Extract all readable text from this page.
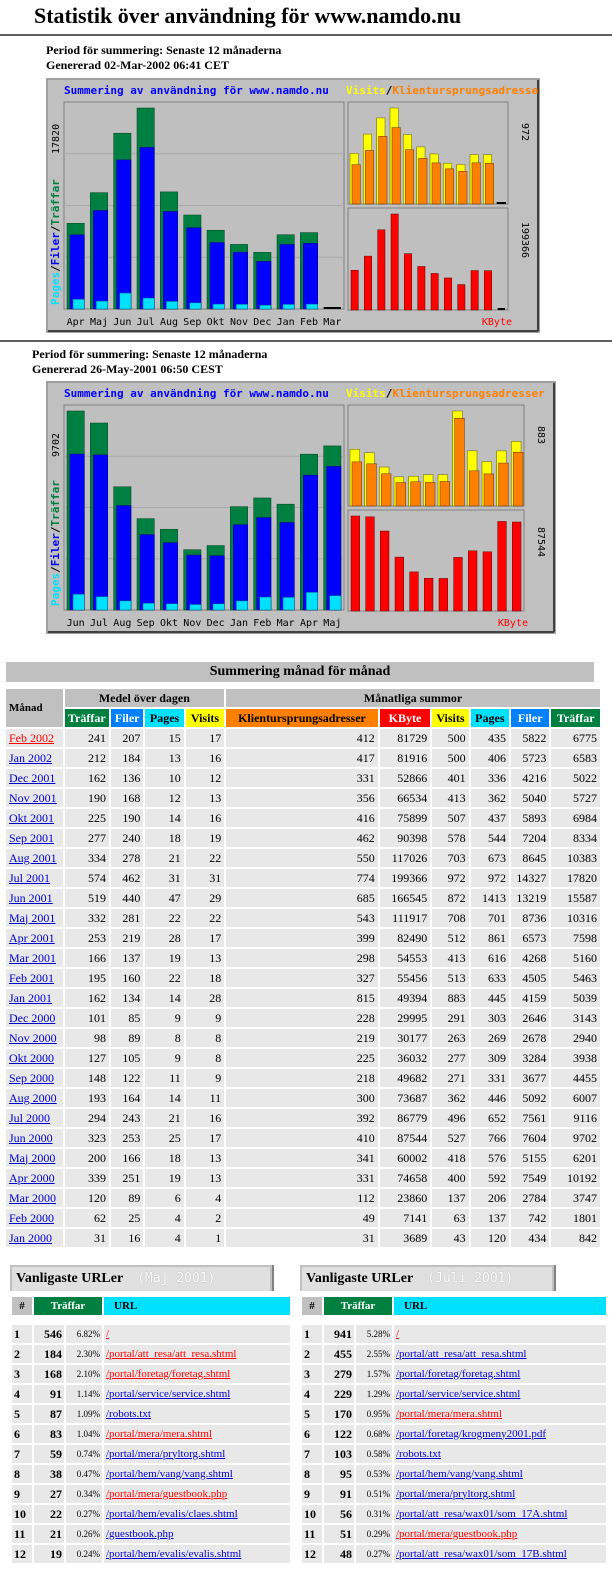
Statistik över användning för www.namdo.nu
Period för summering: Senaste 12 månaderna
Genererad 02-Mar-2002 06:41 CET
Summering av användning för www.namdo.nu Visits/Klientursprungsadresser
Pages/Filer/Träffar
17820
Apr Maj Jun Jul Aug Sep Okt Nov Dec Jan Feb Mar
972
199366
KByte
Period för summering: Senaste 12 månaderna
Genererad 26-May-2001 06:50 CEST
Summering av användning för www.namdo.nu Visits/Klientursprungsadresser
Pages/Filer/Träffar
9702
Jun Jul Aug Sep Okt Nov Dec Jan Feb Mar Apr Maj
883
87544
KByte
Summering månad för månad
Månad	Medel över dagen				Månatliga summor					
	Träffar	Filer	Pages	Visits	Klientursprungsadresser	KByte	Visits	Pages	Filer	Träffar
Feb 2002	241	207	15	17	412	81729	500	435	5822	6775
Jan 2002	212	184	13	16	417	81916	500	406	5723	6583
Dec 2001	162	136	10	12	331	52866	401	336	4216	5022
Nov 2001	190	168	12	13	356	66534	413	362	5040	5727
Okt 2001	225	190	14	16	416	75899	507	437	5893	6984
Sep 2001	277	240	18	19	462	90398	578	544	7204	8334
Aug 2001	334	278	21	22	550	117026	703	673	8645	10383
Jul 2001	574	462	31	31	774	199366	972	972	14327	17820
Jun 2001	519	440	47	29	685	166545	872	1413	13219	15587
Maj 2001	332	281	22	22	543	111917	708	701	8736	10316
Apr 2001	253	219	28	17	399	82490	512	861	6573	7598
Mar 2001	166	137	19	13	298	54553	413	616	4268	5160
Feb 2001	195	160	22	18	327	55456	513	633	4505	5463
Jan 2001	162	134	14	28	815	49394	883	445	4159	5039
Dec 2000	101	85	9	9	228	29995	291	303	2646	3143
Nov 2000	98	89	8	8	219	30177	263	269	2678	2940
Okt 2000	127	105	9	8	225	36032	277	309	3284	3938
Sep 2000	148	122	11	9	218	49682	271	331	3677	4455
Aug 2000	193	164	14	11	300	73687	362	446	5092	6007
Jul 2000	294	243	21	16	392	86779	496	652	7561	9116
Jun 2000	323	253	25	17	410	87544	527	766	7604	9702
Maj 2000	200	166	18	13	341	60002	418	576	5155	6201
Apr 2000	339	251	19	13	331	74658	400	592	7549	10192
Mar 2000	120	89	6	4	112	23860	137	206	2784	3747
Feb 2000	62	25	4	2	49	7141	63	137	742	1801
Jan 2000	31	16	4	1	31	3689	43	120	434	842
Vanligaste URLer (Maj 2001)
#	Träffar		URL

1	546	6.82%	/
2	184	2.30%	/portal/att_resa/att_resa.shtml
3	168	2.10%	/portal/foretag/foretag.shtml
4	91	1.14%	/portal/service/service.shtml
5	87	1.09%	/robots.txt
6	83	1.04%	/portal/mera/mera.shtml
7	59	0.74%	/portal/mera/pryltorg.shtml
8	38	0.47%	/portal/hem/vang/vang.shtml
9	27	0.34%	/portal/mera/guestbook.php
10	22	0.27%	/portal/hem/evalis/claes.shtml
11	21	0.26%	/guestbook.php
12	19	0.24%	/portal/hem/evalis/evalis.shtml
Vanligaste URLer (Juli 2001)
#	Träffar		URL

1	941	5.28%	/
2	455	2.55%	/portal/att_resa/att_resa.shtml
3	279	1.57%	/portal/foretag/foretag.shtml
4	229	1.29%	/portal/service/service.shtml
5	170	0.95%	/portal/mera/mera.shtml
6	122	0.68%	/portal/foretag/krogmeny2001.pdf
7	103	0.58%	/robots.txt
8	95	0.53%	/portal/hem/vang/vang.shtml
9	91	0.51%	/portal/mera/pryltorg.shtml
10	56	0.31%	/portal/att_resa/wax01/som_17A.shtml
11	51	0.29%	/portal/mera/guestbook.php
12	48	0.27%	/portal/att_resa/wax01/som_17B.shtml
